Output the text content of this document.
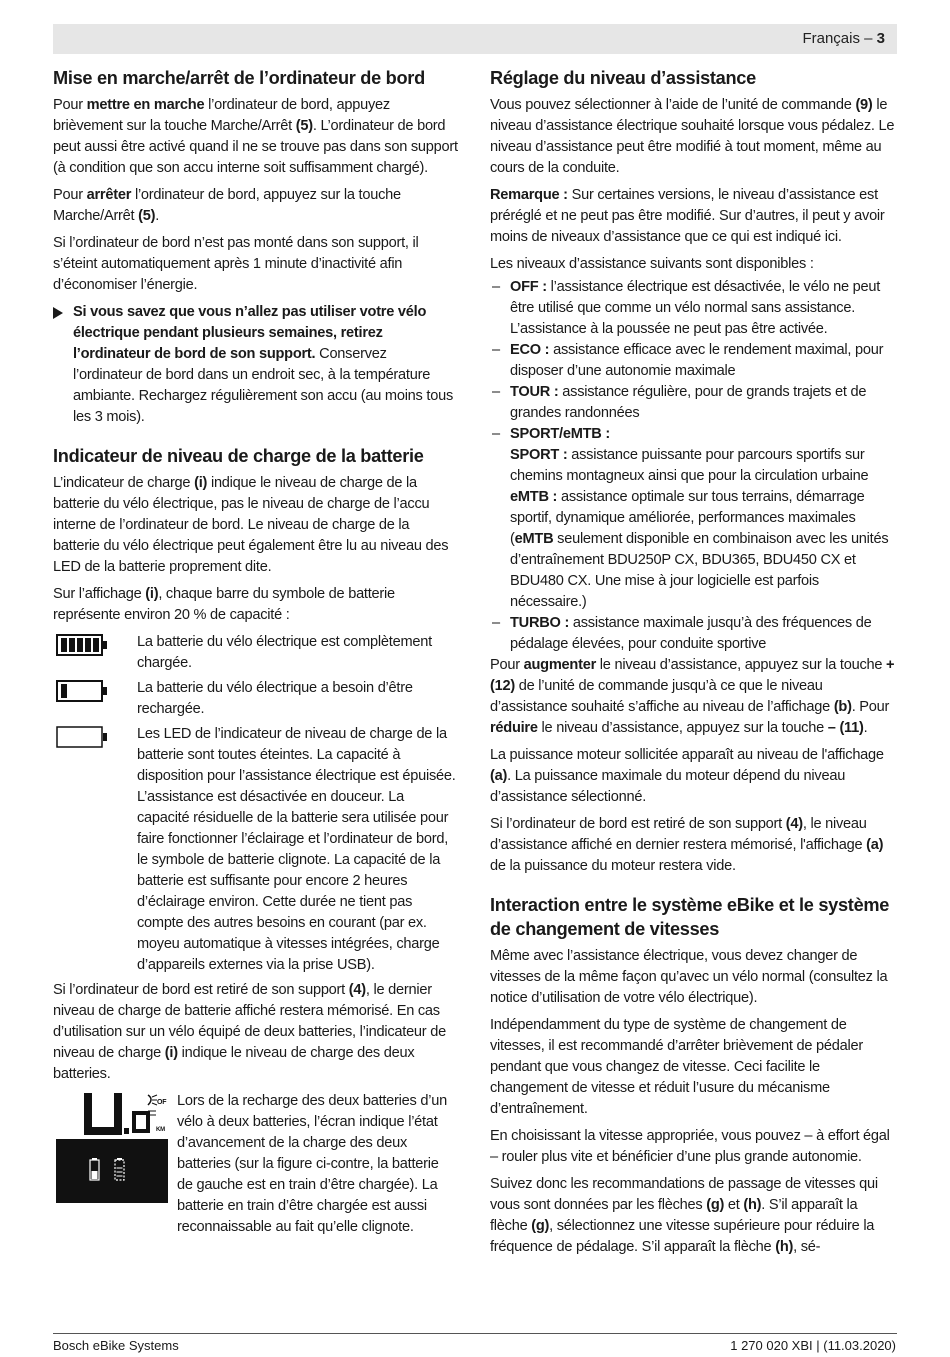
Français – 3
Mise en marche/arrêt de l’ordinateur de bord

Pour mettre en marche l’ordinateur de bord, appuyez brièvement sur la touche Marche/Arrêt (5). L’ordinateur de bord peut aussi être activé quand il ne se trouve pas dans son support (à condition que son accu interne soit suffisamment chargé).

Pour arrêter l’ordinateur de bord, appuyez sur la touche Marche/Arrêt (5).

Si l’ordinateur de bord n’est pas monté dans son support, il s’éteint automatiquement après 1 minute d’inactivité afin d’économiser l’énergie.

Si vous savez que vous n’allez pas utiliser votre vélo électrique pendant plusieurs semaines, retirez l’ordinateur de bord de son support. Conservez l’ordinateur de bord dans un endroit sec, à la température ambiante. Rechargez régulièrement son accu (au moins tous les 3 mois).
Indicateur de niveau de charge de la batterie

L’indicateur de charge (i) indique le niveau de charge de la batterie du vélo électrique, pas le niveau de charge de l’accu interne de l’ordinateur de bord. Le niveau de charge de la batterie du vélo électrique peut également être lu au niveau des LED de la batterie proprement dite.

Sur l’affichage (i), chaque barre du symbole de batterie représente environ 20 % de capacité :

La batterie du vélo électrique est complètement chargée.
La batterie du vélo électrique a besoin d’être rechargée.
Les LED de l’indicateur de niveau de charge de la batterie sont toutes éteintes. La capacité à disposition pour l’assistance électrique est épuisée. L’assistance est désactivée en douceur. La capacité résiduelle de la batterie sera utilisée pour faire fonctionner l’éclairage et l’ordinateur de bord, le symbole de batterie clignote. La capacité de la batterie est suffisante pour encore 2 heures d’éclairage environ. Cette durée ne tient pas compte des autres besoins en courant (par ex. moyeu automatique à vitesses intégrées, charge d’appareils externes via la prise USB).

Si l’ordinateur de bord est retiré de son support (4), le dernier niveau de charge de batterie affiché restera mémorisé. En cas d’utilisation sur un vélo équipé de deux batteries, l’indicateur de niveau de charge (i) indique le niveau de charge des deux batteries.

OF
KM
Lors de la recharge des deux batteries d’un vélo à deux batteries, l’écran indique l’état d’avancement de la charge des deux batteries (sur la figure ci-contre, la batterie de gauche est en train d’être chargée). La batterie en train d’être chargée est aussi reconnaissable au fait qu’elle clignote.
Réglage du niveau d’assistance

Vous pouvez sélectionner à l’aide de l’unité de commande (9) le niveau d’assistance électrique souhaité lorsque vous pédalez. Le niveau d’assistance peut être modifié à tout moment, même au cours de la conduite.

Remarque : Sur certaines versions, le niveau d’assistance est préréglé et ne peut pas être modifié. Sur d’autres, il peut y avoir moins de niveaux d’assistance que ce qui est indiqué ici.

Les niveaux d’assistance suivants sont disponibles :

– OFF : l’assistance électrique est désactivée, le vélo ne peut être utilisé que comme un vélo normal sans assistance. L’assistance à la poussée ne peut pas être activée.
– ECO : assistance efficace avec le rendement maximal, pour disposer d’une autonomie maximale
– TOUR : assistance régulière, pour de grands trajets et de grandes randonnées
– SPORT/eMTB :
SPORT : assistance puissante pour parcours sportifs sur chemins montagneux ainsi que pour la circulation urbaine
eMTB : assistance optimale sur tous terrains, démarrage sportif, dynamique améliorée, performances maximales (eMTB seulement disponible en combinaison avec les unités d’entraînement BDU250P CX, BDU365, BDU450 CX et BDU480 CX. Une mise à jour logicielle est parfois nécessaire.)
– TURBO : assistance maximale jusqu’à des fréquences de pédalage élevées, pour conduite sportive

Pour augmenter le niveau d’assistance, appuyez sur la touche + (12) de l’unité de commande jusqu’à ce que le niveau d’assistance souhaité s’affiche au niveau de l’affichage (b). Pour réduire le niveau d’assistance, appuyez sur la touche – (11).

La puissance moteur sollicitée apparaît au niveau de l'affichage (a). La puissance maximale du moteur dépend du niveau d’assistance sélectionné.

Si l’ordinateur de bord est retiré de son support (4), le niveau d’assistance affiché en dernier restera mémorisé, l'affichage (a) de la puissance du moteur restera vide.

Interaction entre le système eBike et le système de changement de vitesses

Même avec l’assistance électrique, vous devez changer de vitesses de la même façon qu’avec un vélo normal (consultez la notice d’utilisation de votre vélo électrique).

Indépendamment du type de système de changement de vitesses, il est recommandé d’arrêter brièvement de pédaler pendant que vous changez de vitesse. Ceci facilite le changement de vitesse et réduit l’usure du mécanisme d’entraînement.

En choisissant la vitesse appropriée, vous pouvez – à effort égal – rouler plus vite et bénéficier d’une plus grande autonomie.

Suivez donc les recommandations de passage de vitesses qui vous sont données par les flèches (g) et (h). S’il apparaît la flèche (g), sélectionnez une vitesse supérieure pour réduire la fréquence de pédalage. S’il apparaît la flèche (h), sé-

Bosch eBike Systems	1 270 020 XBI | (11.03.2020)
